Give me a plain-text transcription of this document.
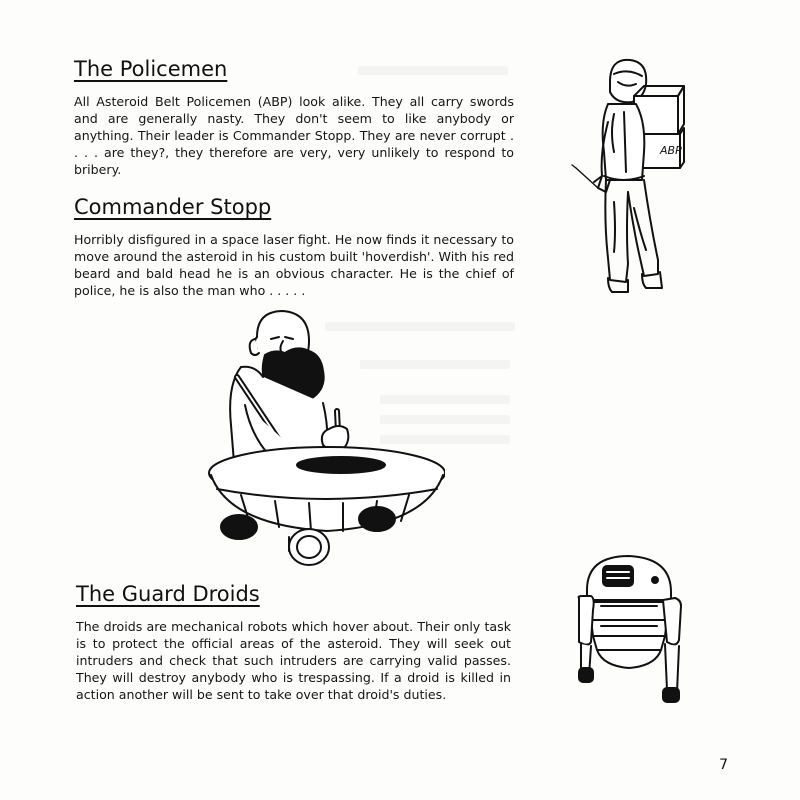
The Policemen

All Asteroid Belt Policemen (ABP) look alike. They all carry swords and are generally nasty. They don't seem to like anybody or anything. Their leader is Commander Stopp. They are never corrupt . . . . are they?, they therefore are very, very unlikely to respond to bribery.

Commander Stopp

Horribly disfigured in a space laser fight. He now finds it necessary to move around the asteroid in his custom built 'hoverdish'. With his red beard and bald head he is an obvious character. He is the chief of police, he is also the man who . . . . .

The Guard Droids

The droids are mechanical robots which hover about. Their only task is to protect the official areas of the asteroid. They will seek out intruders and check that such intruders are carrying valid passes. They will destroy anybody who is trespassing. If a droid is killed in action another will be sent to take over that droid's duties.

ABP
7
